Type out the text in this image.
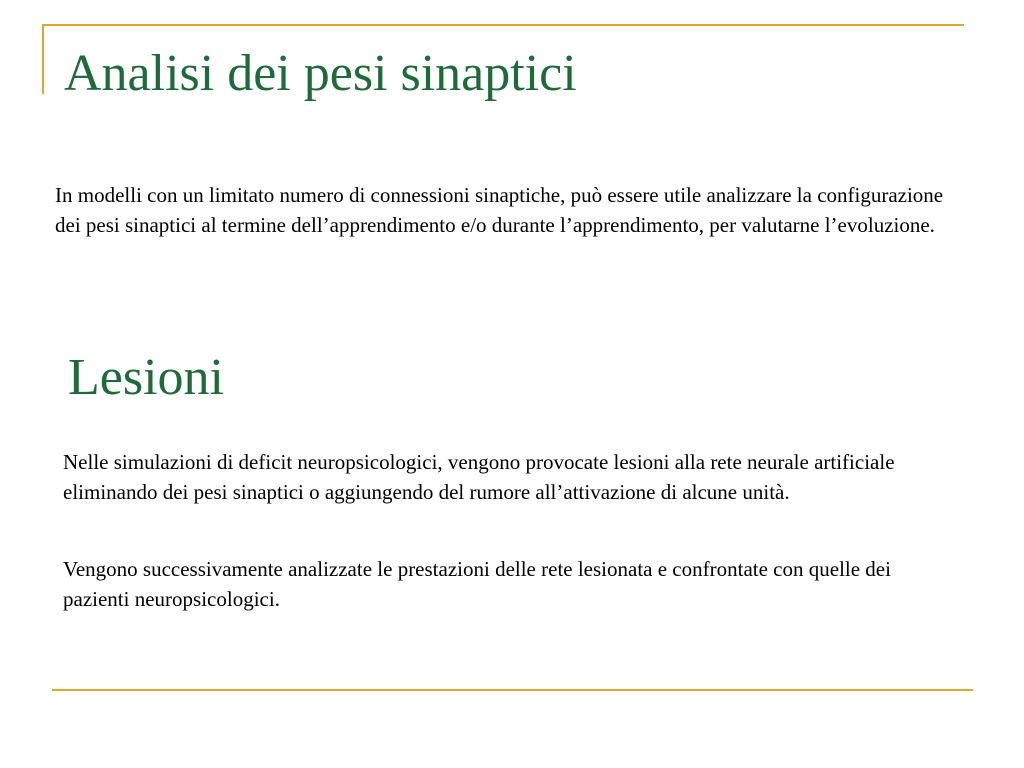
Analisi dei pesi sinaptici

In modelli con un limitato numero di connessioni sinaptiche, può essere utile analizzare la configurazione dei pesi sinaptici al termine dell’apprendimento e/o durante l’apprendimento, per valutarne l’evoluzione.

Lesioni

Nelle simulazioni di deficit neuropsicologici, vengono provocate lesioni alla rete neurale artificiale eliminando dei pesi sinaptici o aggiungendo del rumore all’attivazione di alcune unità.

Vengono successivamente analizzate le prestazioni delle rete lesionata e confrontate con quelle dei pazienti neuropsicologici.
